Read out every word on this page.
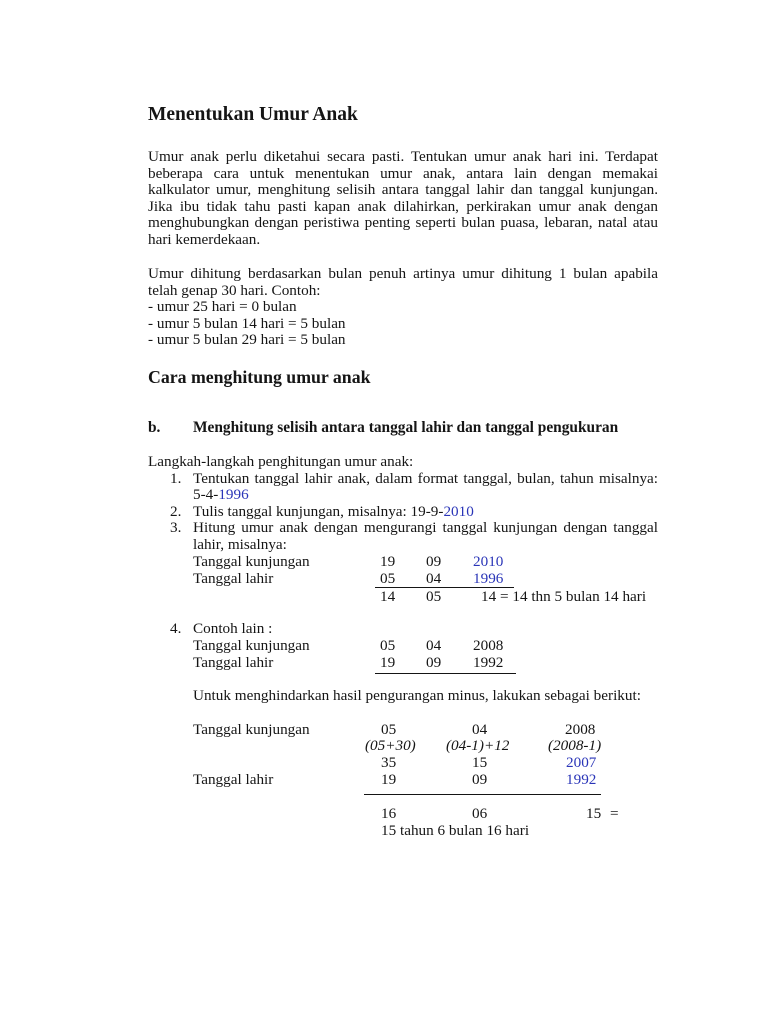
Menentukan Umur Anak
Umur anak perlu diketahui secara pasti. Tentukan umur anak hari ini. Terdapat
beberapa cara untuk menentukan umur anak, antara lain dengan memakai
kalkulator umur, menghitung selisih antara tanggal lahir dan tanggal kunjungan.
Jika ibu tidak tahu pasti kapan anak dilahirkan, perkirakan umur anak dengan
menghubungkan dengan peristiwa penting seperti bulan puasa, lebaran, natal atau
hari kemerdekaan.
Umur dihitung berdasarkan bulan penuh artinya umur dihitung 1 bulan apabila
telah genap 30 hari. Contoh:
- umur 25 hari = 0 bulan
- umur 5 bulan 14 hari = 5 bulan
- umur 5 bulan 29 hari = 5 bulan
Cara menghitung umur anak
b. Menghitung selisih antara tanggal lahir dan tanggal pengukuran
Langkah-langkah penghitungan umur anak:
1. Tentukan tanggal lahir anak, dalam format tanggal, bulan, tahun misalnya:
5-4-1996
2. Tulis tanggal kunjungan, misalnya: 19-9-2010
3. Hitung umur anak dengan mengurangi tanggal kunjungan dengan tanggal
lahir, misalnya:
Tanggal kunjungan	19 09 2010
Tanggal lahir	05 04 1996
14 05	14 = 14 thn 5 bulan 14 hari
4. Contoh lain :
Tanggal kunjungan	05 04 2008
Tanggal lahir	19 09 1992
Untuk menghindarkan hasil pengurangan minus, lakukan sebagai berikut:
Tanggal kunjungan	05	04	2008
(05+30) (04-1)+12	(2008-1)
35	15	2007
Tanggal lahir	19	09	1992
16	06	15 =
15 tahun 6 bulan 16 hari
